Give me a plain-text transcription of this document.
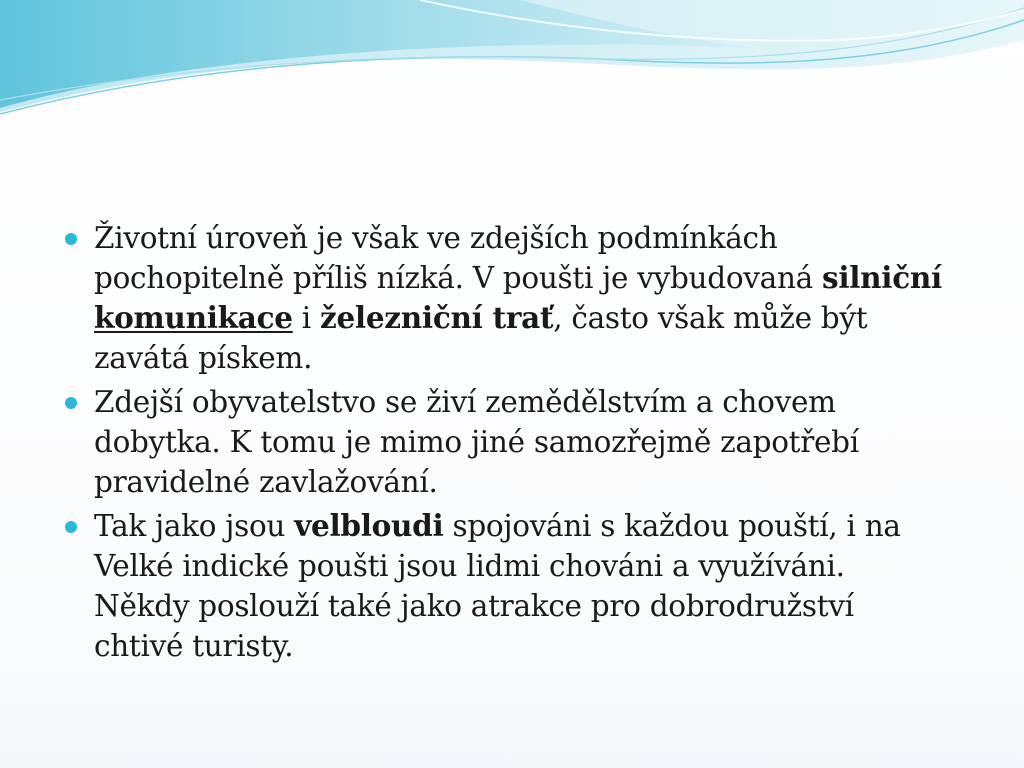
Životní úroveň je však ve zdejších podmínkách pochopitelně příliš nízká. V poušti je vybudovaná silniční komunikace i železniční trať, často však může být zavátá pískem.
Zdejší obyvatelstvo se živí zemědělstvím a chovem dobytka. K tomu je mimo jiné samozřejmě zapotřebí pravidelné zavlažování.
Tak jako jsou velbloudi spojováni s každou pouští, i na Velké indické poušti jsou lidmi chováni a využíváni. Někdy poslouží také jako atrakce pro dobrodružství chtivé turisty.
